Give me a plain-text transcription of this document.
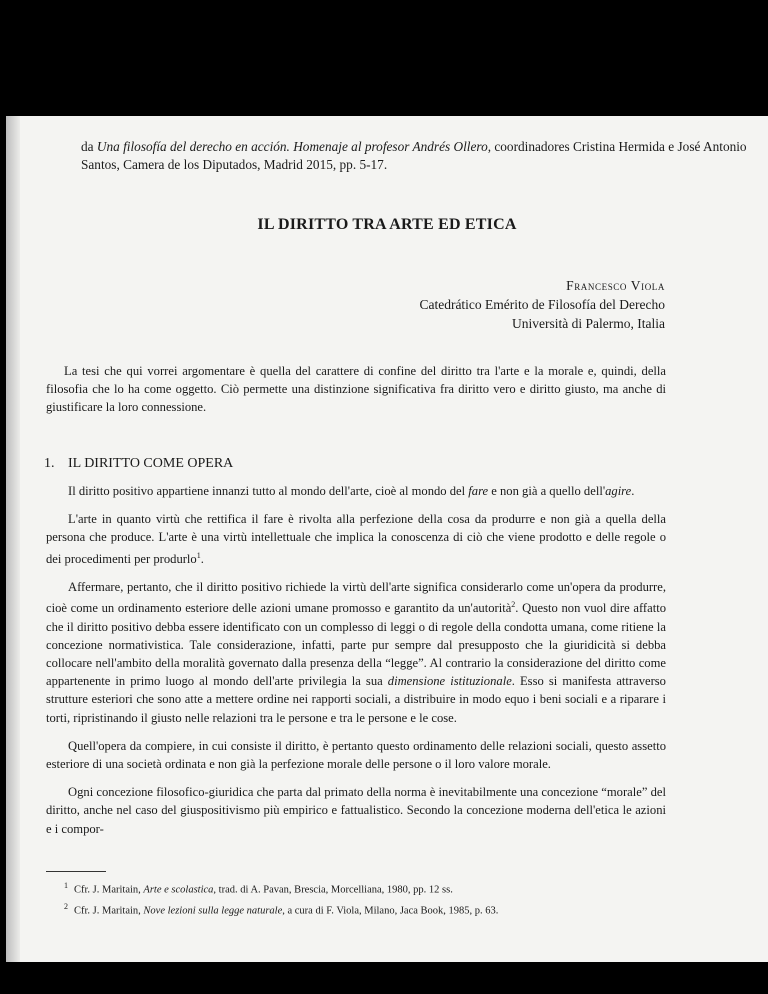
da Una filosofía del derecho en acción. Homenaje al profesor Andrés Ollero, coordinadores Cristina Hermida e José Antonio Santos, Camera de los Diputados, Madrid 2015, pp. 5-17.
IL DIRITTO TRA ARTE ED ETICA
Francesco Viola
Catedrático Emérito de Filosofía del Derecho
Università di Palermo, Italia

La tesi che qui vorrei argomentare è quella del carattere di confine del diritto tra l'arte e la morale e, quindi, della filosofia che lo ha come oggetto. Ciò permette una distinzione significativa fra diritto vero e diritto giusto, ma anche di giustificare la loro connessione.

1. IL DIRITTO COME OPERA

Il diritto positivo appartiene innanzi tutto al mondo dell'arte, cioè al mondo del fare e non già a quello dell'agire.

L'arte in quanto virtù che rettifica il fare è rivolta alla perfezione della cosa da produrre e non già a quella della persona che produce. L'arte è una virtù intellettuale che implica la conoscenza di ciò che viene prodotto e delle regole o dei procedimenti per produrlo$^1$.

Affermare, pertanto, che il diritto positivo richiede la virtù dell'arte significa considerarlo come un'opera da produrre, cioè come un ordinamento esteriore delle azioni umane promosso e garantito da un'autorità$^2$. Questo non vuol dire affatto che il diritto positivo debba essere identificato con un complesso di leggi o di regole della condotta umana, come ritiene la concezione normativistica. Tale considerazione, infatti, parte pur sempre dal presupposto che la giuridicità si debba collocare nell'ambito della moralità governato dalla presenza della “legge”. Al contrario la considerazione del diritto come appartenente in primo luogo al mondo dell'arte privilegia la sua dimensione istituzionale. Esso si manifesta attraverso strutture esteriori che sono atte a mettere ordine nei rapporti sociali, a distribuire in modo equo i beni sociali e a riparare i torti, ripristinando il giusto nelle relazioni tra le persone e tra le persone e le cose.

Quell'opera da compiere, in cui consiste il diritto, è pertanto questo ordinamento delle relazioni sociali, questo assetto esteriore di una società ordinata e non già la perfezione morale delle persone o il loro valore morale.

Ogni concezione filosofico-giuridica che parta dal primato della norma è inevitabilmente una concezione “morale” del diritto, anche nel caso del giuspositivismo più empirico e fattualistico. Secondo la concezione moderna dell'etica le azioni e i compor-

$^1$ Cfr. J. Maritain, Arte e scolastica, trad. di A. Pavan, Brescia, Morcelliana, 1980, pp. 12 ss.

$^2$ Cfr. J. Maritain, Nove lezioni sulla legge naturale, a cura di F. Viola, Milano, Jaca Book, 1985, p. 63.
